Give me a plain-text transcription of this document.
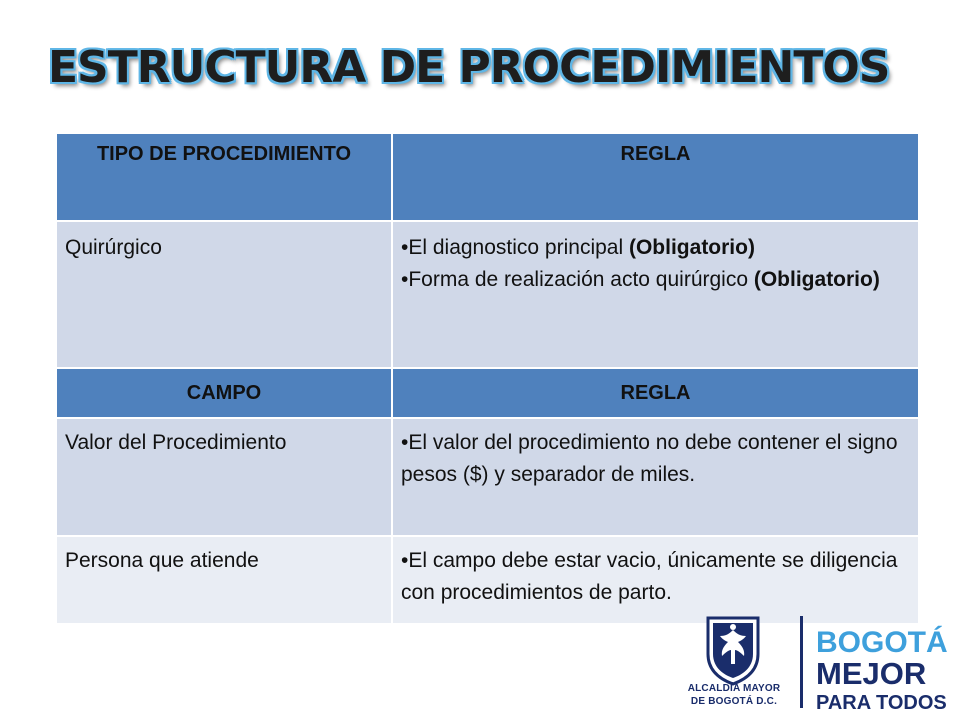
ESTRUCTURA DE PROCEDIMIENTOS
TIPO DE PROCEDIMIENTO	REGLA
Quirúrgico	•El diagnostico principal (Obligatorio)
•Forma de realización acto quirúrgico (Obligatorio)
CAMPO	REGLA
Valor del Procedimiento	•El valor del procedimiento no debe contener el signo pesos ($) y separador de miles.
Persona que atiende	•El campo debe estar vacio, únicamente se diligencia con procedimientos de parto.
ALCALDÍA MAYOR
DE BOGOTÁ D.C.
BOGOTÁ
MEJOR
PARA TODOS
